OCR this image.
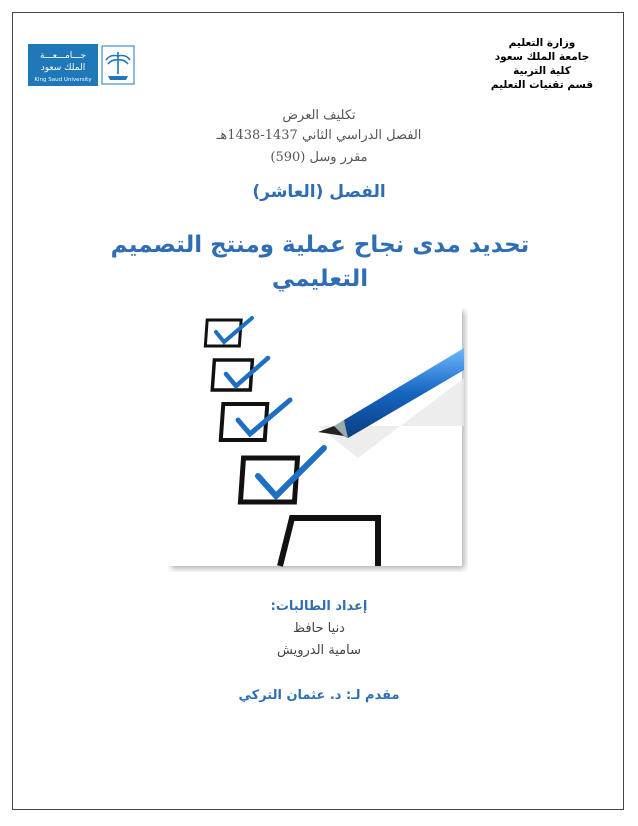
وزارة التعليم
جامعة الملك سعود
كلية التربية
قسم تقنيات التعليم
جـــامـــعـــة
الملك سعود
King Saud University
تكليف العرض
الفصل الدراسي الثاني 1437-1438هـ
مقرر وسل (590)
الفصل (العاشر)
تحديد مدى نجاح عملية ومنتج التصميم التعليمي
إعداد الطالبات:
دنيا حافظ
سامية الدرويش
مقدم لـ: د. عثمان التركي
